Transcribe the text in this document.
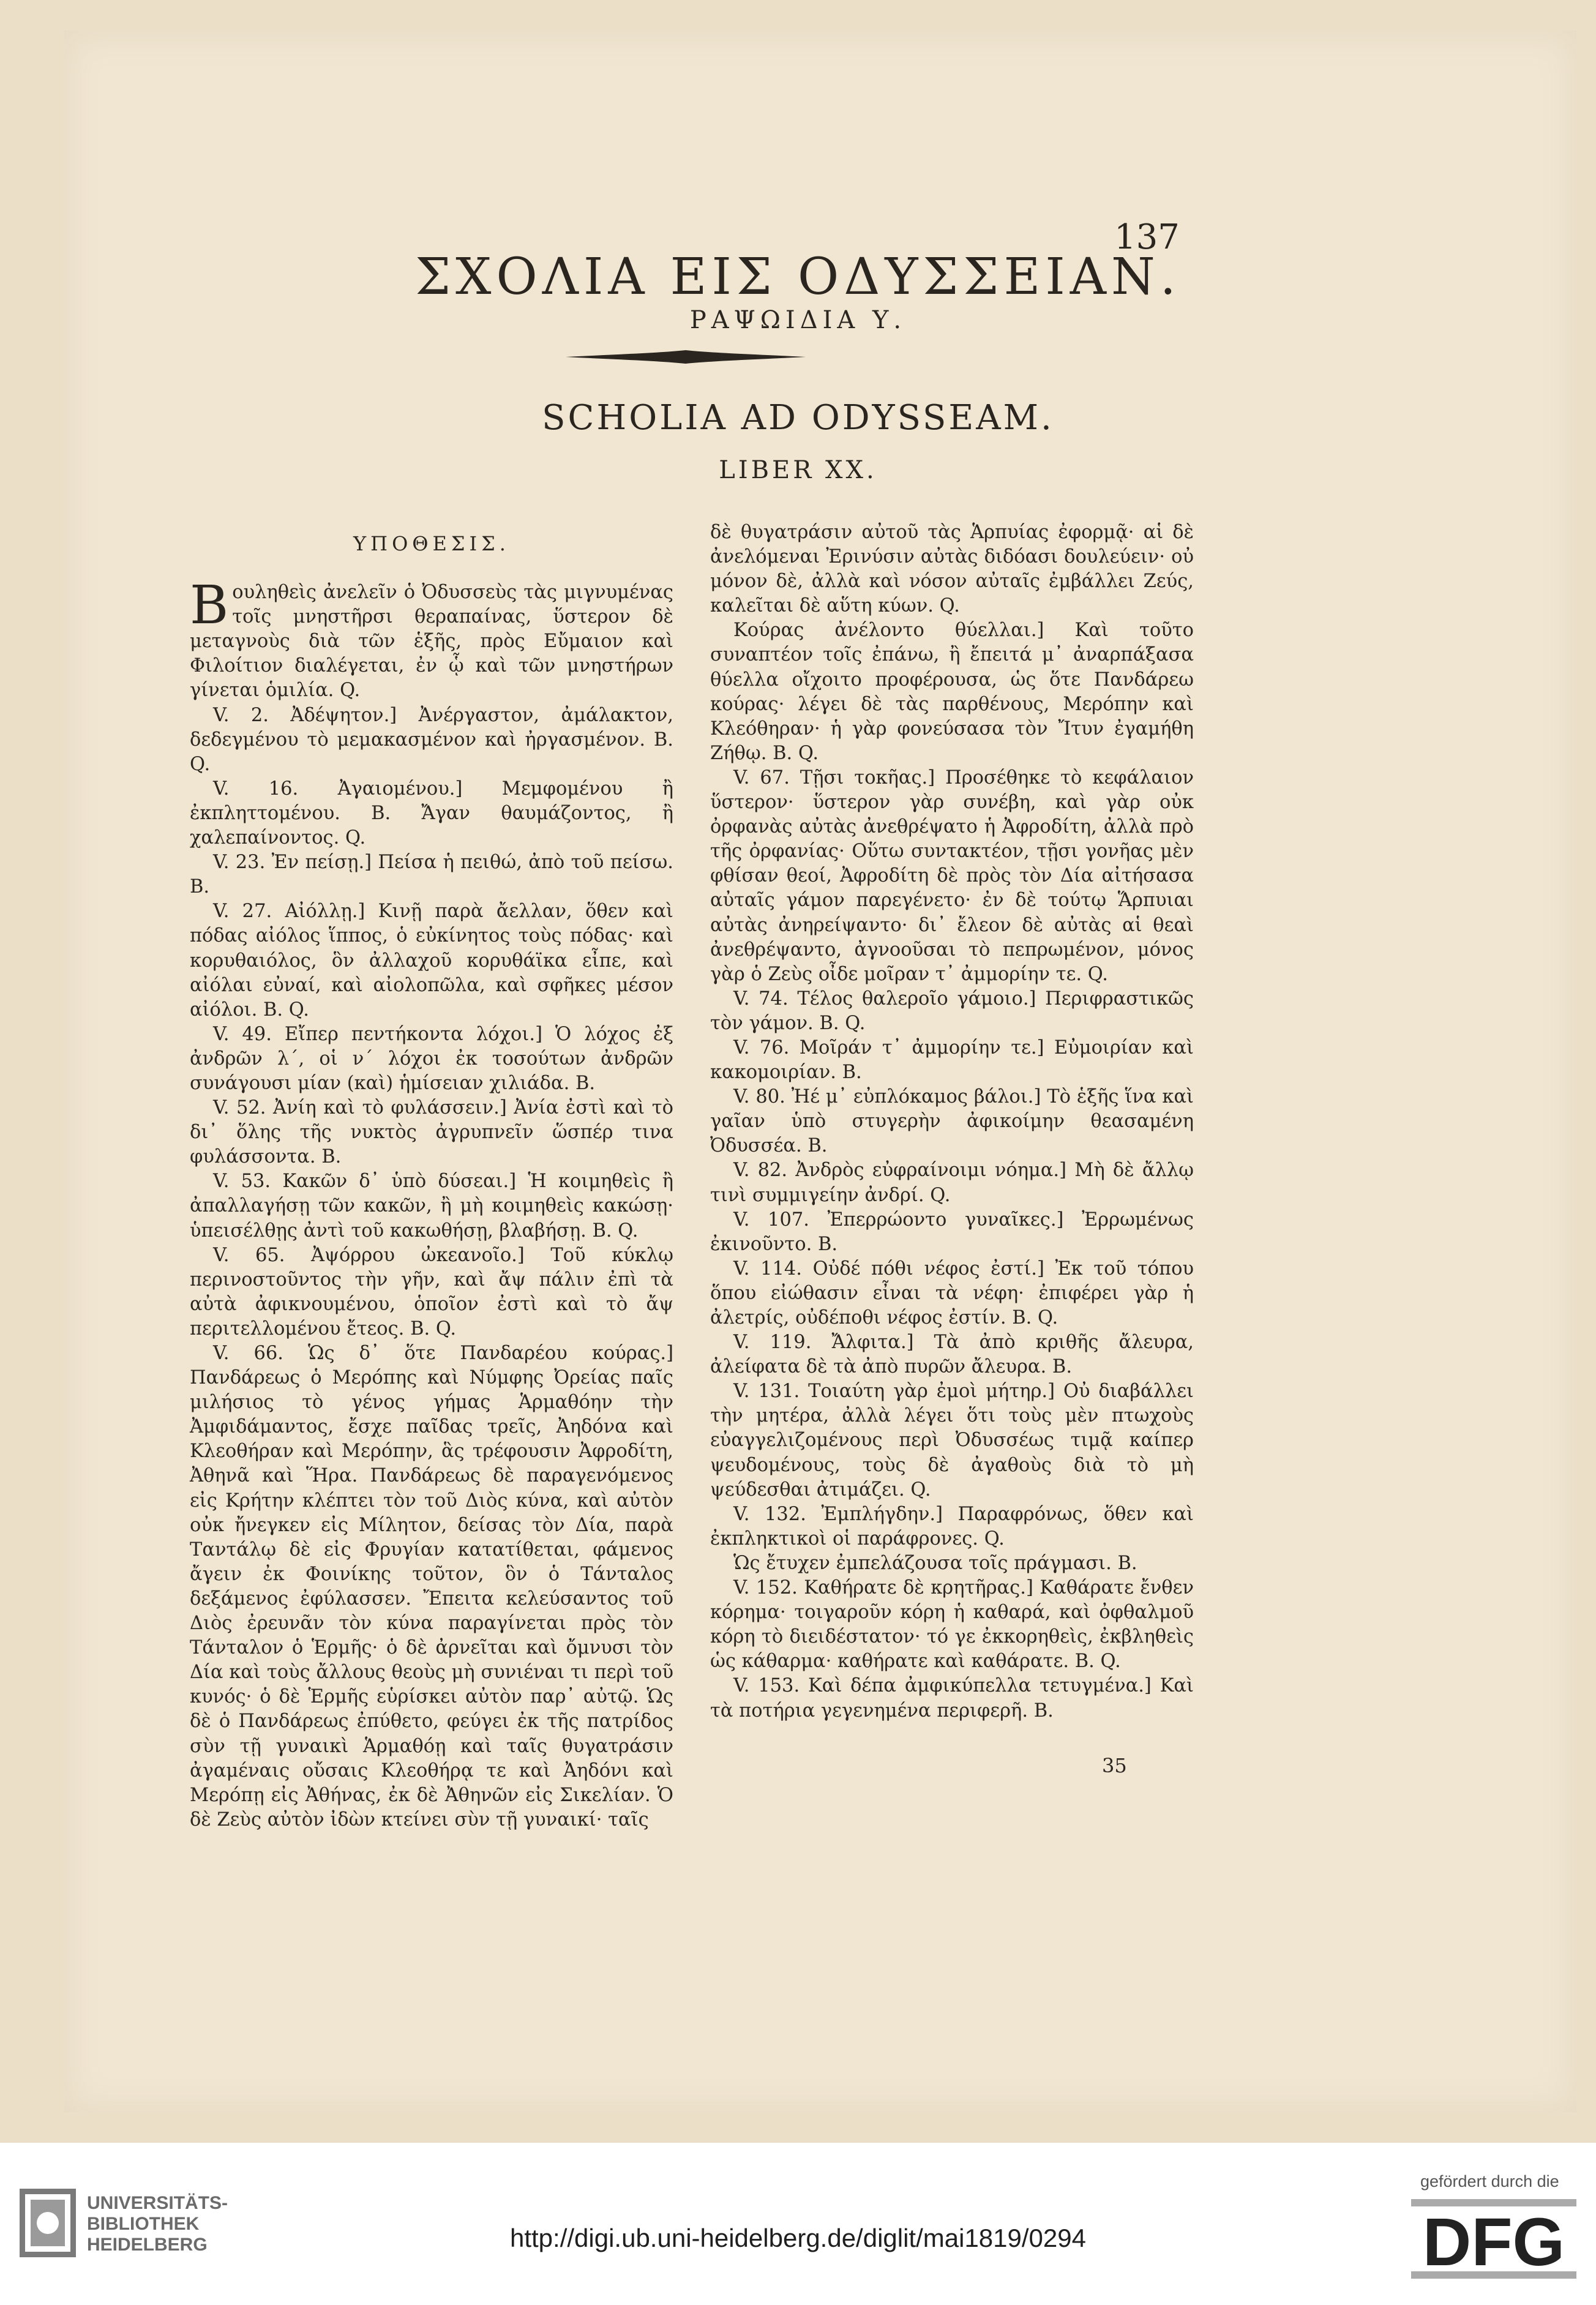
137
ΣΧΟΛΙΑ ΕΙΣ ΟΔΥΣΣΕΙΑΝ.
ΡΑΨΩΙΔΙΑ Υ.
SCHOLIA AD ODYSSEAM.
LIBER XX.
ΥΠΟΘΕΣΙΣ.

Βουληθεὶς ἀνελεῖν ὁ Ὀδυσσεὺς τὰς μιγνυμένας τοῖς μνηστῆρσι θεραπαίνας, ὕστερον δὲ μεταγνοὺς διὰ τῶν ἑξῆς, πρὸς Εὔμαιον καὶ Φιλοίτιον διαλέγεται, ἐν ᾧ καὶ τῶν μνηστήρων γίνεται ὁμιλία. Q.

V. 2. Ἀδέψητον.] Ἀνέργαστον, ἀμάλακτον, δεδεγμένου τὸ μεμακασμένον καὶ ἠργασμένον. B. Q.

V. 16. Ἀγαιομένου.] Μεμφομένου ἢ ἐκπληττομένου. B. Ἄγαν θαυμάζοντος, ἢ χαλεπαίνοντος. Q.

V. 23. Ἐν πείσῃ.] Πείσα ἡ πειθώ, ἀπὸ τοῦ πείσω. B.

V. 27. Αἰόλλῃ.] Κινῇ παρὰ ἄελλαν, ὅθεν καὶ πόδας αἰόλος ἵππος, ὁ εὐκίνητος τοὺς πόδας· καὶ κορυθαιόλος, ὃν ἀλλαχοῦ κορυθάϊκα εἶπε, καὶ αἰόλαι εὐναί, καὶ αἰολοπῶλα, καὶ σφῆκες μέσον αἰόλοι. B. Q.

V. 49. Εἴπερ πεντήκοντα λόχοι.] Ὁ λόχος ἐξ ἀνδρῶν λ΄, οἱ ν΄ λόχοι ἐκ τοσούτων ἀνδρῶν συνάγουσι μίαν (καὶ) ἡμίσειαν χιλιάδα. B.

V. 52. Ἀνίη καὶ τὸ φυλάσσειν.] Ἀνία ἐστὶ καὶ τὸ δι᾽ ὅλης τῆς νυκτὸς ἀγρυπνεῖν ὥσπέρ τινα φυλάσσοντα. B.

V. 53. Κακῶν δ᾽ ὑπὸ δύσεαι.] Ἡ κοιμηθεὶς ἢ ἀπαλλαγήσῃ τῶν κακῶν, ἢ μὴ κοιμηθεὶς κακώσῃ· ὑπεισέλθῃς ἀντὶ τοῦ κακωθήσῃ, βλαβήσῃ. B. Q.

V. 65. Ἀψόρρου ὠκεανοῖο.] Τοῦ κύκλῳ περινοστοῦντος τὴν γῆν, καὶ ἄψ πάλιν ἐπὶ τὰ αὐτὰ ἀφικνουμένου, ὁποῖον ἐστὶ καὶ τὸ ἄψ περιτελλομένου ἔτεος. B. Q.

V. 66. Ὡς δ᾽ ὅτε Πανδαρέου κούρας.] Πανδάρεως ὁ Μερόπης καὶ Νύμφης Ὀρείας παῖς μιλήσιος τὸ γένος γήμας Ἁρμαθόην τὴν Ἀμφιδάμαντος, ἔσχε παῖδας τρεῖς, Ἀηδόνα καὶ Κλεοθήραν καὶ Μερόπην, ἃς τρέφουσιν Ἀφροδίτη, Ἀθηνᾶ καὶ Ἥρα. Πανδάρεως δὲ παραγενόμενος εἰς Κρήτην κλέπτει τὸν τοῦ Διὸς κύνα, καὶ αὐτὸν οὐκ ἤνεγκεν εἰς Μίλητον, δείσας τὸν Δία, παρὰ Ταντάλῳ δὲ εἰς Φρυγίαν κατατίθεται, φάμενος ἄγειν ἐκ Φοινίκης τοῦτον, ὃν ὁ Τάνταλος δεξάμενος ἐφύλασσεν. Ἔπειτα κελεύσαντος τοῦ Διὸς ἐρευνᾶν τὸν κύνα παραγίνεται πρὸς τὸν Τάνταλον ὁ Ἑρμῆς· ὁ δὲ ἀρνεῖται καὶ ὄμνυσι τὸν Δία καὶ τοὺς ἄλλους θεοὺς μὴ συνιέναι τι περὶ τοῦ κυνός· ὁ δὲ Ἑρμῆς εὑρίσκει αὐτὸν παρ᾽ αὐτῷ. Ὡς δὲ ὁ Πανδάρεως ἐπύθετο, φεύγει ἐκ τῆς πατρίδος σὺν τῇ γυναικὶ Ἁρμαθόῃ καὶ ταῖς θυγατράσιν ἀγαμέναις οὔσαις Κλεοθήρᾳ τε καὶ Ἀηδόνι καὶ Μερόπῃ εἰς Ἀθήνας, ἐκ δὲ Ἀθηνῶν εἰς Σικελίαν. Ὁ δὲ Ζεὺς αὐτὸν ἰδὼν κτείνει σὺν τῇ γυναικί· ταῖς

δὲ θυγατράσιν αὐτοῦ τὰς Ἁρπυίας ἐφορμᾷ· αἱ δὲ ἀνελόμεναι Ἐρινύσιν αὐτὰς διδόασι δουλεύειν· οὐ μόνον δὲ, ἀλλὰ καὶ νόσον αὐταῖς ἐμβάλλει Ζεύς, καλεῖται δὲ αὕτη κύων. Q.

Κούρας ἀνέλοντο θύελλαι.] Καὶ τοῦτο συναπτέον τοῖς ἐπάνω, ἢ ἔπειτά μ᾽ ἀναρπάξασα θύελλα οἴχοιτο προφέρουσα, ὡς ὅτε Πανδάρεω κούρας· λέγει δὲ τὰς παρθένους, Μερόπην καὶ Κλεόθηραν· ἡ γὰρ φονεύσασα τὸν Ἴτυν ἐγαμήθη Ζήθῳ. B. Q.

V. 67. Τῇσι τοκῆας.] Προσέθηκε τὸ κεφάλαιον ὕστερον· ὕστερον γὰρ συνέβη, καὶ γὰρ οὐκ ὀρφανὰς αὐτὰς ἀνεθρέψατο ἡ Ἀφροδίτη, ἀλλὰ πρὸ τῆς ὀρφανίας· Οὕτω συντακτέον, τῇσι γονῆας μὲν φθίσαν θεοί, Ἀφροδίτη δὲ πρὸς τὸν Δία αἰτήσασα αὐταῖς γάμον παρεγένετο· ἐν δὲ τούτῳ Ἅρπυιαι αὐτὰς ἀνηρείψαντο· δι᾽ ἔλεον δὲ αὐτὰς αἱ θεαὶ ἀνεθρέψαντο, ἀγνοοῦσαι τὸ πεπρωμένον, μόνος γὰρ ὁ Ζεὺς οἶδε μοῖραν τ᾽ ἀμμορίην τε. Q.

V. 74. Τέλος θαλεροῖο γάμοιο.] Περιφραστικῶς τὸν γάμον. B. Q.

V. 76. Μοῖράν τ᾽ ἀμμορίην τε.] Εὐμοιρίαν καὶ κακομοιρίαν. B.

V. 80. Ἠέ μ᾽ εὐπλόκαμος βάλοι.] Τὸ ἑξῆς ἵνα καὶ γαῖαν ὑπὸ στυγερὴν ἀφικοίμην θεασαμένη Ὀδυσσέα. B.

V. 82. Ἀνδρὸς εὐφραίνοιμι νόημα.] Μὴ δὲ ἄλλῳ τινὶ συμμιγείην ἀνδρί. Q.

V. 107. Ἐπερρώοντο γυναῖκες.] Ἐρρωμένως ἐκινοῦντο. B.

V. 114. Οὐδέ πόθι νέφος ἐστί.] Ἐκ τοῦ τόπου ὅπου εἰώθασιν εἶναι τὰ νέφη· ἐπιφέρει γὰρ ἡ ἀλετρίς, οὐδέποθι νέφος ἐστίν. B. Q.

V. 119. Ἄλφιτα.] Τὰ ἀπὸ κριθῆς ἄλευρα, ἀλείφατα δὲ τὰ ἀπὸ πυρῶν ἄλευρα. B.

V. 131. Τοιαύτη γὰρ ἐμοὶ μήτηρ.] Οὐ διαβάλλει τὴν μητέρα, ἀλλὰ λέγει ὅτι τοὺς μὲν πτωχοὺς εὐαγγελιζομένους περὶ Ὀδυσσέως τιμᾷ καίπερ ψευδομένους, τοὺς δὲ ἀγαθοὺς διὰ τὸ μὴ ψεύδεσθαι ἀτιμάζει. Q.

V. 132. Ἐμπλήγδην.] Παραφρόνως, ὅθεν καὶ ἐκπληκτικοὶ οἱ παράφρονες. Q.

Ὡς ἔτυχεν ἐμπελάζουσα τοῖς πράγμασι. B.

V. 152. Καθήρατε δὲ κρητῆρας.] Καθάρατε ἔνθεν κόρημα· τοιγαροῦν κόρη ἡ καθαρά, καὶ ὀφθαλμοῦ κόρη τὸ διειδέστατον· τό γε ἐκκορηθεὶς, ἐκβληθεὶς ὡς κάθαρμα· καθήρατε καὶ καθάρατε. B. Q.

V. 153. Καὶ δέπα ἀμφικύπελλα τετυγμένα.] Καὶ τὰ ποτήρια γεγενημένα περιφερῆ. B.

35
UNIVERSITÄTS-
BIBLIOTHEK
HEIDELBERG	http://digi.ub.uni-heidelberg.de/diglit/mai1819/0294
gefördert durch die
DFG
